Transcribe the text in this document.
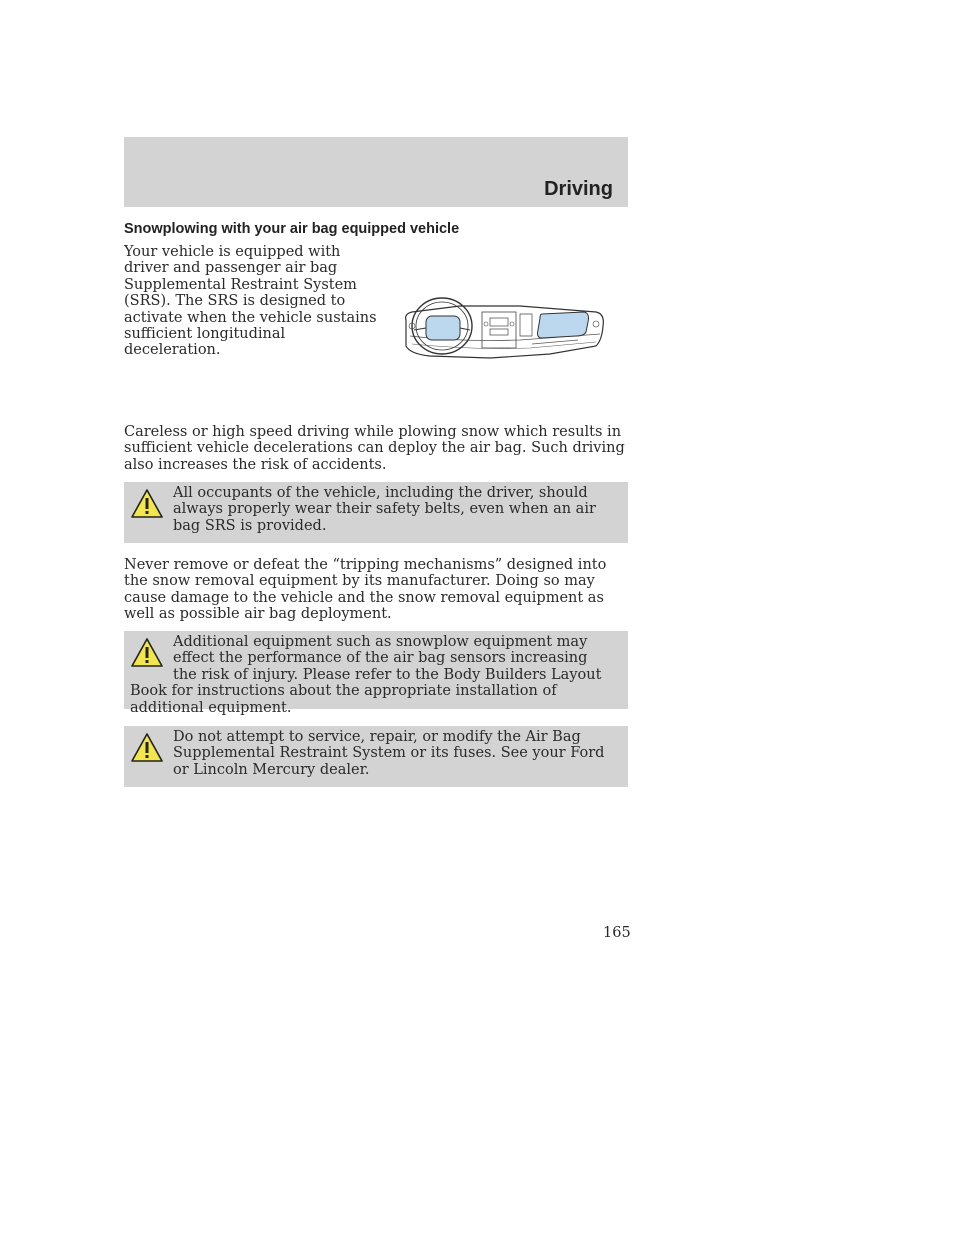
Driving
Snowplowing with your air bag equipped vehicle
Your vehicle is equipped with driver and passenger air bag Supplemental Restraint System (SRS). The SRS is designed to activate when the vehicle sustains sufficient longitudinal deceleration.
Careless or high speed driving while plowing snow which results in sufficient vehicle decelerations can deploy the air bag. Such driving also increases the risk of accidents.
All occupants of the vehicle, including the driver, should always properly wear their safety belts, even when an air bag SRS is provided.
Never remove or defeat the “tripping mechanisms” designed into the snow removal equipment by its manufacturer. Doing so may cause damage to the vehicle and the snow removal equipment as well as possible air bag deployment.
Additional equipment such as snowplow equipment may effect the performance of the air bag sensors increasing the risk of injury. Please refer to the Body Builders Layout Book for instructions about the appropriate installation of additional equipment.
Do not attempt to service, repair, or modify the Air Bag Supplemental Restraint System or its fuses. See your Ford or Lincoln Mercury dealer.
165
